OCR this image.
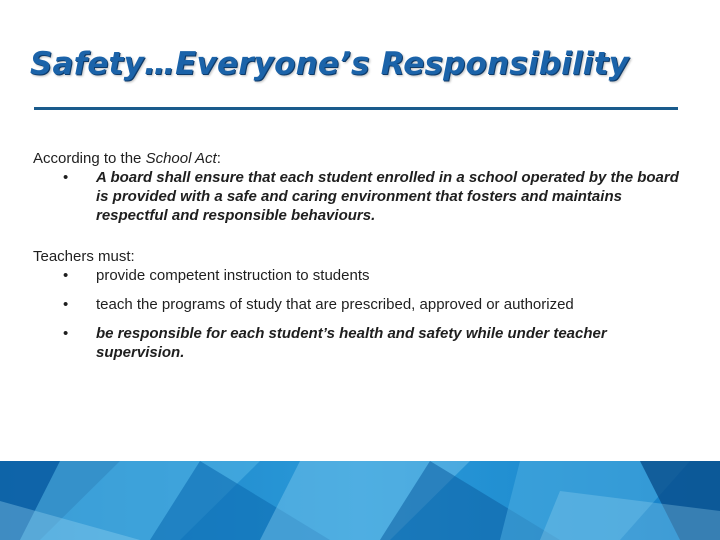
Safety…Everyone’s Responsibility

According to the School Act:

• A board shall ensure that each student enrolled in a school operated by the board is provided with a safe and caring environment that fosters and maintains respectful and responsible behaviours.

Teachers must:

• provide competent instruction to students
• teach the programs of study that are prescribed, approved or authorized
• be responsible for each student’s health and safety while under teacher supervision.
